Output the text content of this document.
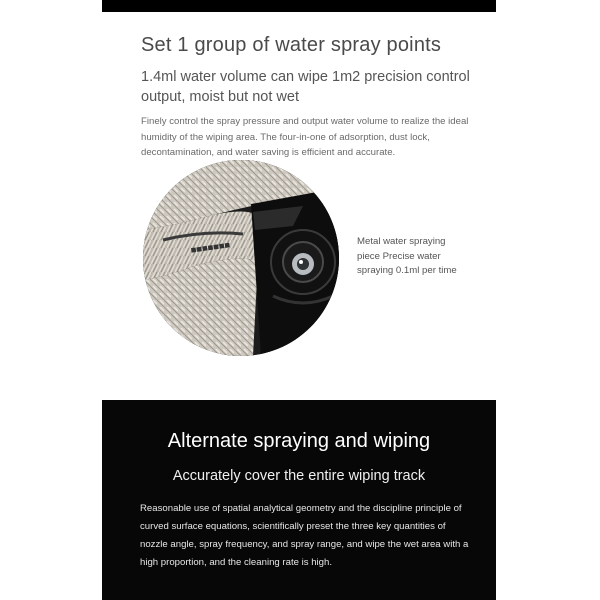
Set 1 group of water spray points

1.4ml water volume can wipe 1m2 precision control output, moist but not wet

Finely control the spray pressure and output water volume to realize the ideal humidity of the wiping area. The four-in-one of adsorption, dust lock, decontamination, and water saving is efficient and accurate.

■■■■■■■

Metal water spraying piece Precise water spraying 0.1ml per time

Alternate spraying and wiping

Accurately cover the entire wiping track

Reasonable use of spatial analytical geometry and the discipline principle of curved surface equations, scientifically preset the three key quantities of nozzle angle, spray frequency, and spray range, and wipe the wet area with a high proportion, and the cleaning rate is high.
